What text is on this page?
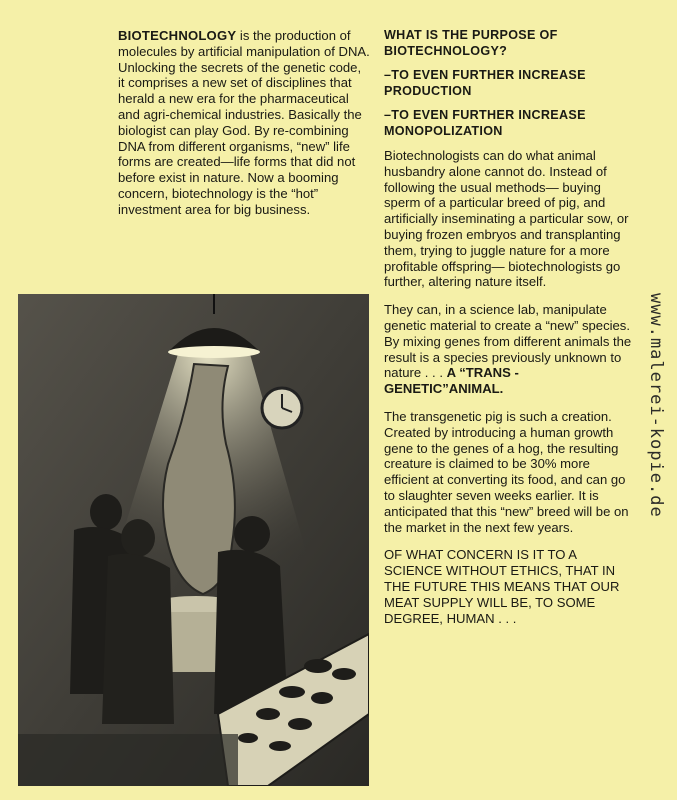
BIOTECHNOLOGY is the production of molecules by artificial manipulation of DNA. Unlocking the secrets of the genetic code, it comprises a new set of disciplines that herald a new era for the pharmaceutical and agri-chemical industries. Basically the biologist can play God. By re-combining DNA from different organisms, “new” life forms are created—life forms that did not before exist in nature. Now a booming concern, biotechnology is the “hot” investment area for big business.

WHAT IS THE PURPOSE OF BIOTECHNOLOGY?
–TO EVEN FURTHER INCREASE PRODUCTION
–TO EVEN FURTHER INCREASE MONOPOLIZATION

Biotechnologists can do what animal husbandry alone cannot do. Instead of following the usual methods— buying sperm of a particular breed of pig, and artificially inseminating a particular sow, or buying frozen embryos and transplanting them, trying to juggle nature for a more profitable offspring— biotechnologists go further, altering nature itself.

They can, in a science lab, manipulate genetic material to create a “new” species. By mixing genes from different animals the result is a species previously unknown to nature . . . A “TRANS - GENETIC”ANIMAL.

The transgenetic pig is such a creation. Created by introducing a human growth gene to the genes of a hog, the resulting creature is claimed to be 30% more efficient at converting its food, and can go to slaughter seven weeks earlier. It is anticipated that this “new” breed will be on the market in the next few years.

OF WHAT CONCERN IS IT TO A SCIENCE WITHOUT ETHICS, THAT IN THE FUTURE THIS MEANS THAT OUR MEAT SUPPLY WILL BE, TO SOME DEGREE, HUMAN . . .

www.malerei-kopie.de
